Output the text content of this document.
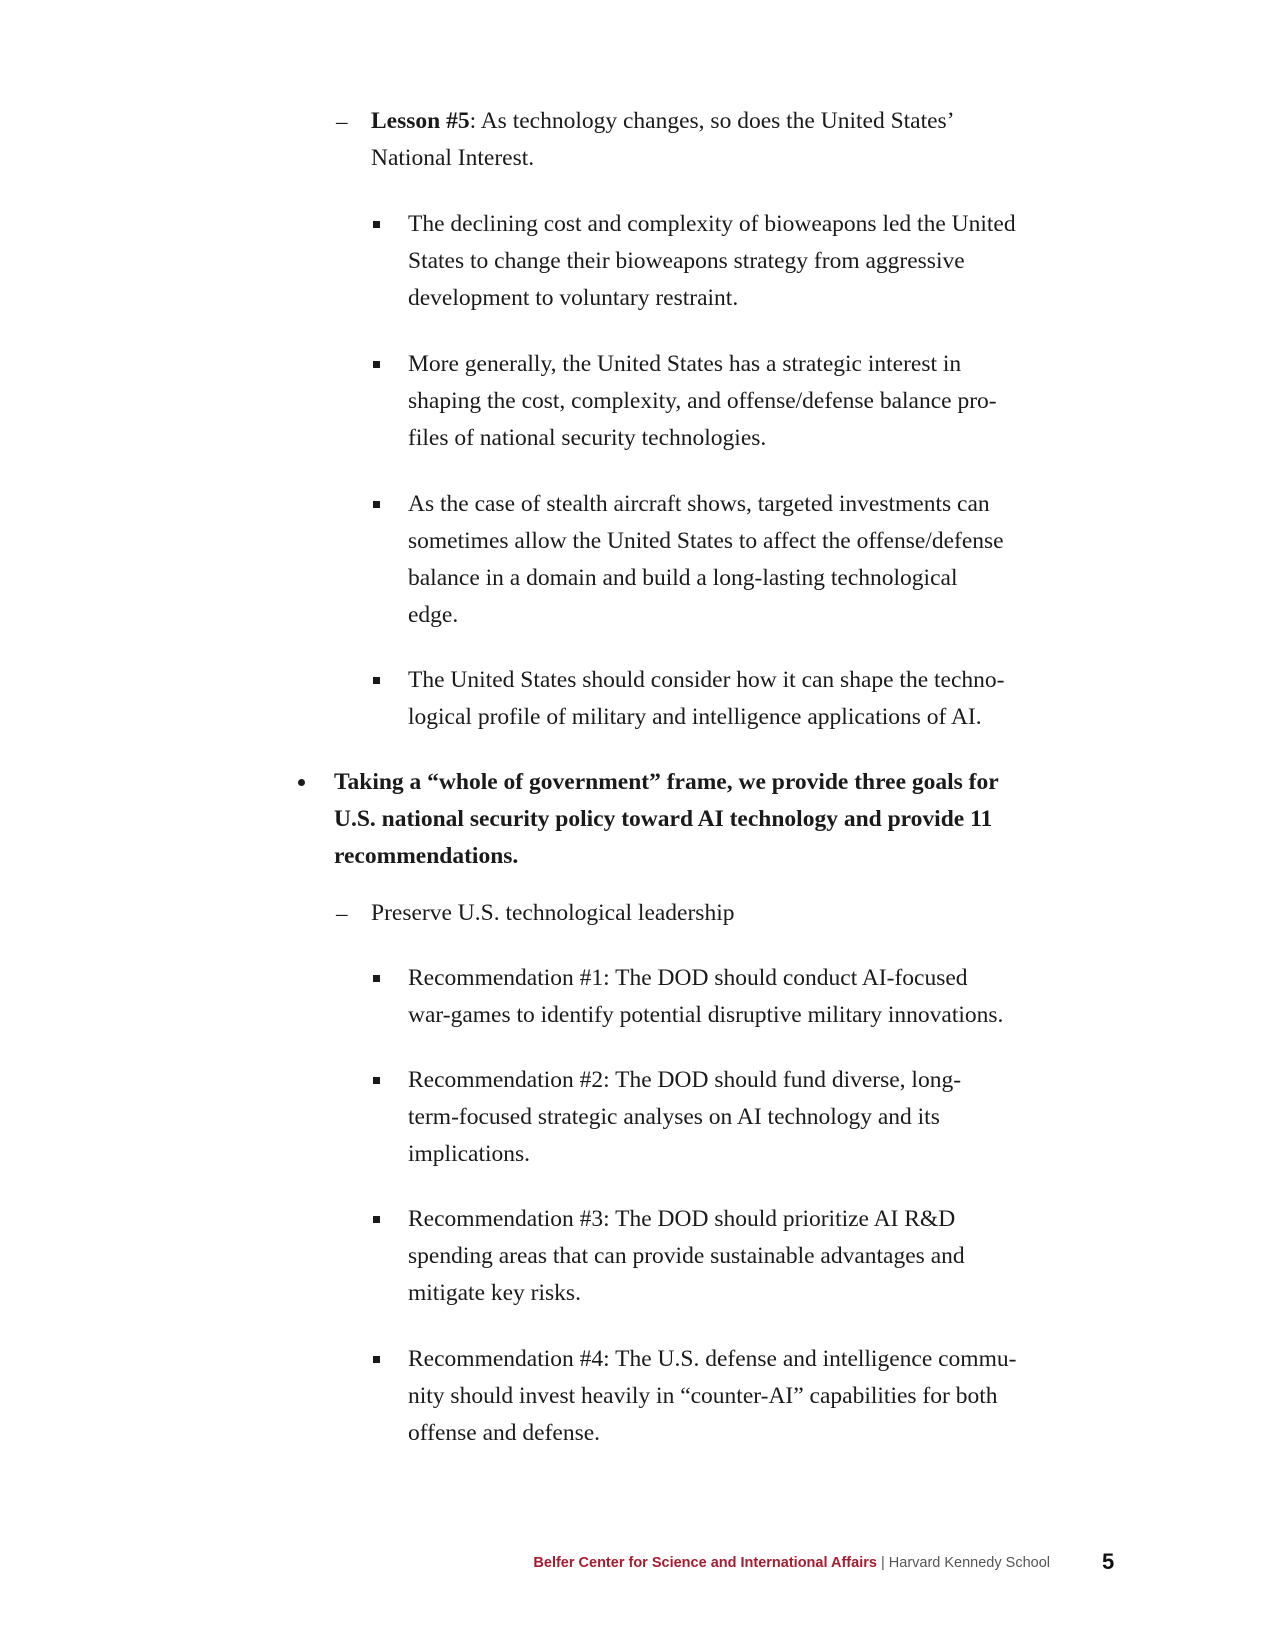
– Lesson #5: As technology changes, so does the United States’
National Interest.
The declining cost and complexity of bioweapons led the United
States to change their bioweapons strategy from aggressive
development to voluntary restraint.
More generally, the United States has a strategic interest in
shaping the cost, complexity, and offense/defense balance pro-
files of national security technologies.
As the case of stealth aircraft shows, targeted investments can
sometimes allow the United States to affect the offense/defense
balance in a domain and build a long-lasting technological
edge.
The United States should consider how it can shape the techno-
logical profile of military and intelligence applications of AI.
Taking a “whole of government” frame, we provide three goals for
U.S. national security policy toward AI technology and provide 11
recommendations.
– Preserve U.S. technological leadership
Recommendation #1: The DOD should conduct AI-focused
war-games to identify potential disruptive military innovations.
Recommendation #2: The DOD should fund diverse, long-
term-focused strategic analyses on AI technology and its
implications.
Recommendation #3: The DOD should prioritize AI R&D
spending areas that can provide sustainable advantages and
mitigate key risks.
Recommendation #4: The U.S. defense and intelligence commu-
nity should invest heavily in “counter-AI” capabilities for both
offense and defense.
Belfer Center for Science and International Affairs | Harvard Kennedy School 5
